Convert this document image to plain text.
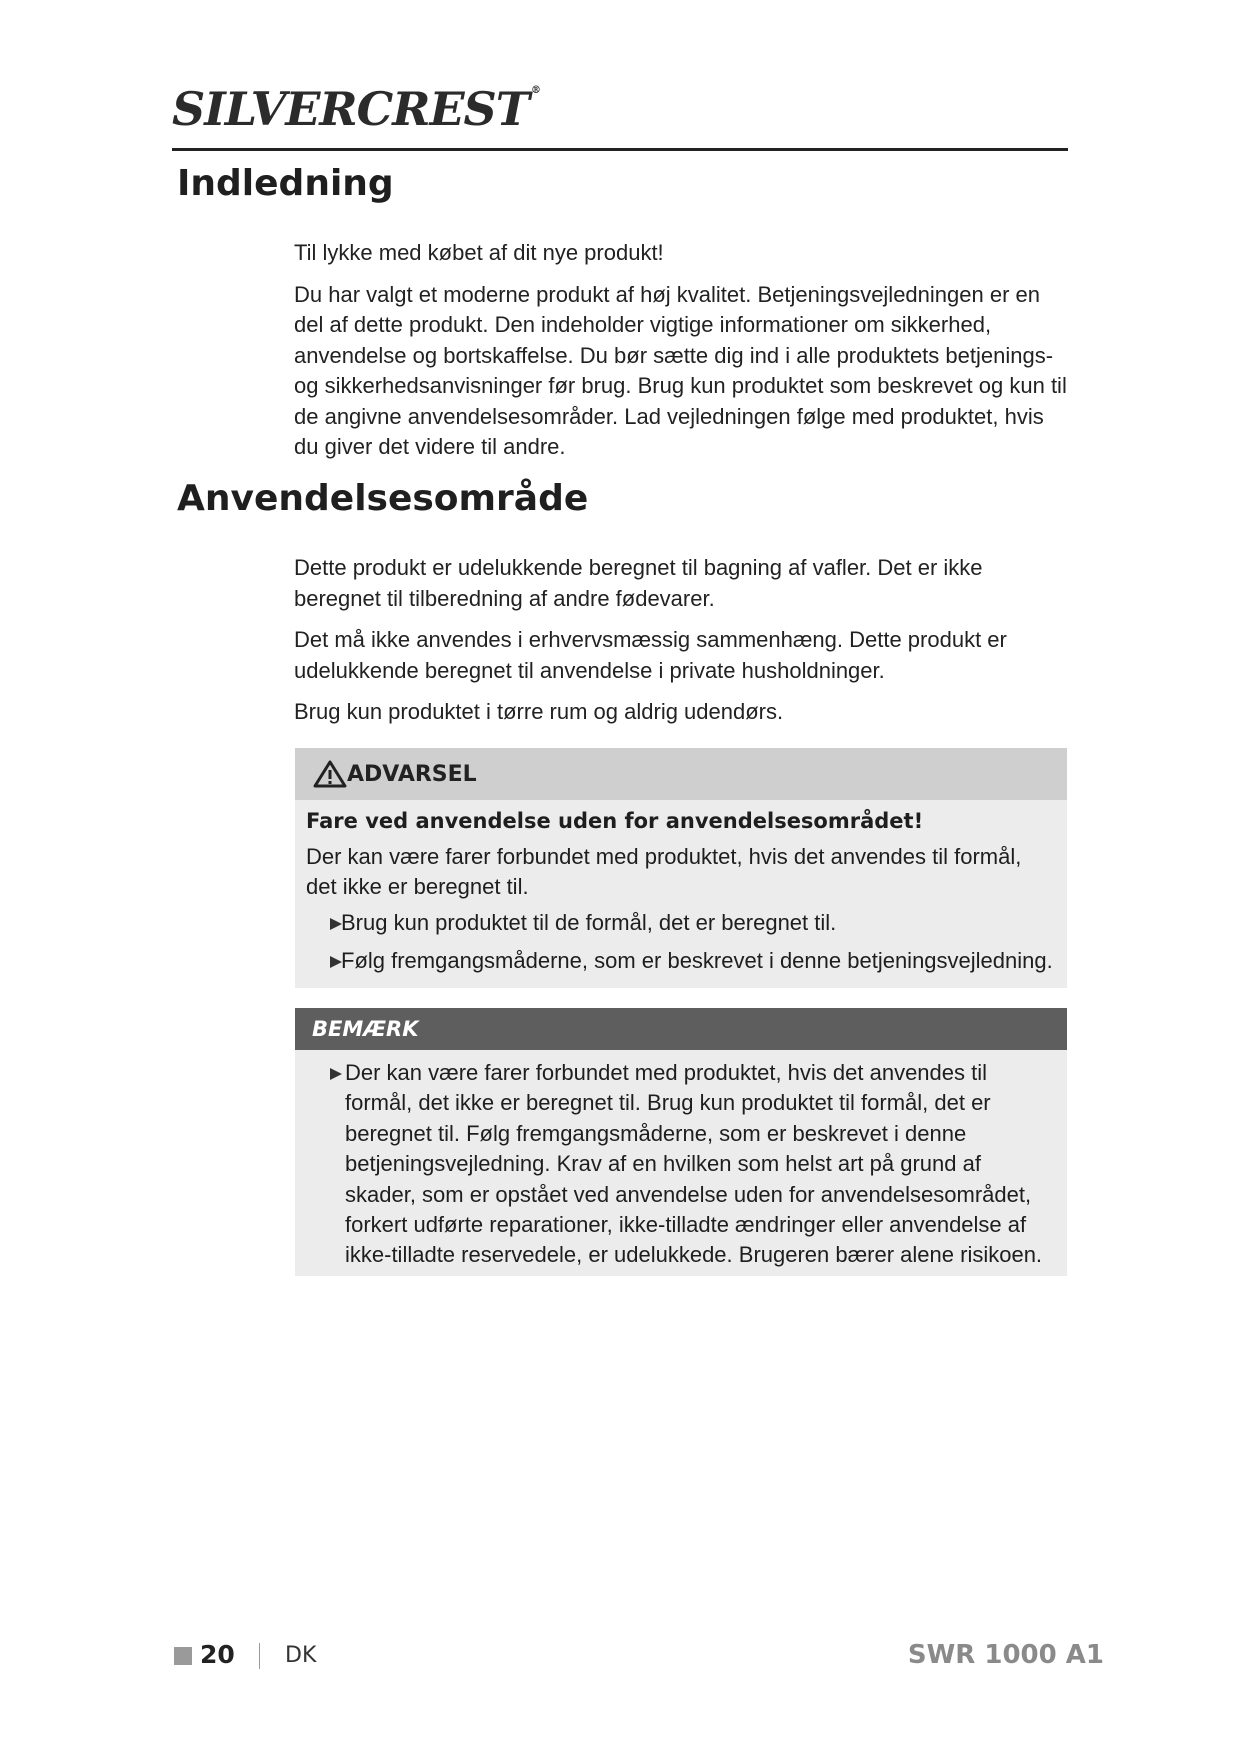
SILVERCREST ®
Indledning

Til lykke med købet af dit nye produkt!

Du har valgt et moderne produkt af høj kvalitet. Betjeningsvejledningen er en del af dette produkt. Den indeholder vigtige informationer om sikkerhed, anvendelse og bortskaffelse. Du bør sætte dig ind i alle produktets betjenings- og sikkerhedsanvisninger før brug. Brug kun produktet som beskrevet og kun til de angivne anvendelsesområder. Lad vejledningen følge med produktet, hvis du giver det videre til andre.

Anvendelsesområde

Dette produkt er udelukkende beregnet til bagning af vafler. Det er ikke beregnet til tilberedning af andre fødevarer.

Det må ikke anvendes i erhvervsmæssig sammenhæng. Dette produkt er udelukkende beregnet til anvendelse i private husholdninger.

Brug kun produktet i tørre rum og aldrig udendørs.

ADVARSEL

Fare ved anvendelse uden for anvendelsesområdet!

Der kan være farer forbundet med produktet, hvis det anvendes til formål, det ikke er beregnet til.

Brug kun produktet til de formål, det er beregnet til.

Følg fremgangsmåderne, som er beskrevet i denne betjeningsvejledning.

BEMÆRK

Der kan være farer forbundet med produktet, hvis det anvendes til formål, det ikke er beregnet til. Brug kun produktet til formål, det er beregnet til. Følg fremgangsmåderne, som er beskrevet i denne betjeningsvejledning. Krav af en hvilken som helst art på grund af skader, som er opstået ved anvendelse uden for anvendelsesområdet, forkert udførte reparationer, ikke-tilladte ændringer eller anvendelse af ikke-tilladte reservedele, er udelukkede. Brugeren bærer alene risikoen.

20 DK	SWR 1000 A1
